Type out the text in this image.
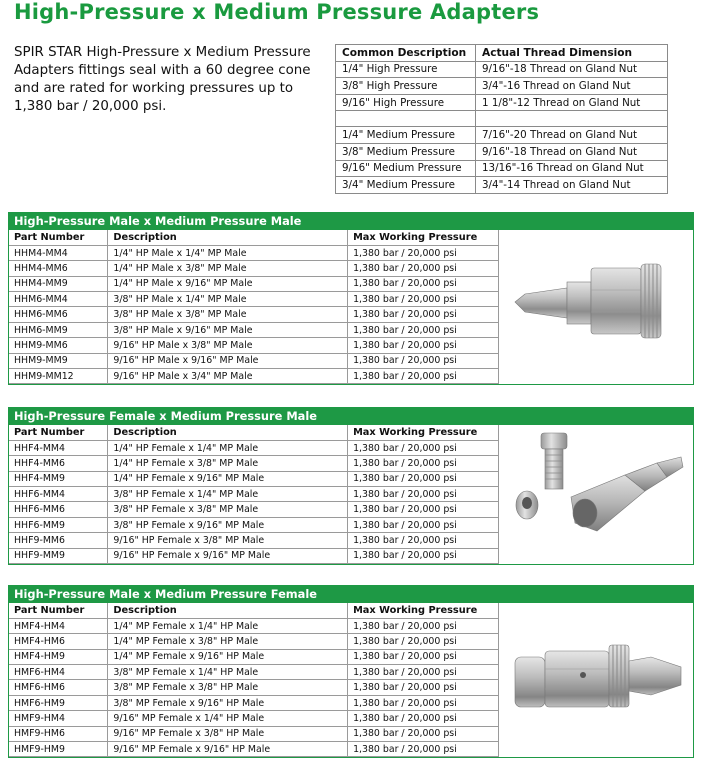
High-Pressure x Medium Pressure Adapters
SPIR STAR High-Pressure x Medium Pressure Adapters fittings seal with a 60 degree cone and are rated for working pressures up to 1,380 bar / 20,000 psi.
Common Description	Actual Thread Dimension
1/4" High Pressure	9/16"-18 Thread on Gland Nut
3/8" High Pressure	3/4"-16 Thread on Gland Nut
9/16" High Pressure	1 1/8"-12 Thread on Gland Nut

1/4" Medium Pressure	7/16"-20 Thread on Gland Nut
3/8" Medium Pressure	9/16"-18 Thread on Gland Nut
9/16" Medium Pressure	13/16"-16 Thread on Gland Nut
3/4" Medium Pressure	3/4"-14 Thread on Gland Nut
High-Pressure Male x Medium Pressure Male
Part Number	Description	Max Working Pressure
HHM4-MM4	1/4" HP Male x 1/4" MP Male	1,380 bar / 20,000 psi
HHM4-MM6	1/4" HP Male x 3/8" MP Male	1,380 bar / 20,000 psi
HHM4-MM9	1/4" HP Male x 9/16" MP Male	1,380 bar / 20,000 psi
HHM6-MM4	3/8" HP Male x 1/4" MP Male	1,380 bar / 20,000 psi
HHM6-MM6	3/8" HP Male x 3/8" MP Male	1,380 bar / 20,000 psi
HHM6-MM9	3/8" HP Male x 9/16" MP Male	1,380 bar / 20,000 psi
HHM9-MM6	9/16" HP Male x 3/8" MP Male	1,380 bar / 20,000 psi
HHM9-MM9	9/16" HP Male x 9/16" MP Male	1,380 bar / 20,000 psi
HHM9-MM12	9/16" HP Male x 3/4" MP Male	1,380 bar / 20,000 psi
High-Pressure Female x Medium Pressure Male
Part Number	Description	Max Working Pressure
HHF4-MM4	1/4" HP Female x 1/4" MP Male	1,380 bar / 20,000 psi
HHF4-MM6	1/4" HP Female x 3/8" MP Male	1,380 bar / 20,000 psi
HHF4-MM9	1/4" HP Female x 9/16" MP Male	1,380 bar / 20,000 psi
HHF6-MM4	3/8" HP Female x 1/4" MP Male	1,380 bar / 20,000 psi
HHF6-MM6	3/8" HP Female x 3/8" MP Male	1,380 bar / 20,000 psi
HHF6-MM9	3/8" HP Female x 9/16" MP Male	1,380 bar / 20,000 psi
HHF9-MM6	9/16" HP Female x 3/8" MP Male	1,380 bar / 20,000 psi
HHF9-MM9	9/16" HP Female x 9/16" MP Male	1,380 bar / 20,000 psi
High-Pressure Male x Medium Pressure Female
Part Number	Description	Max Working Pressure
HMF4-HM4	1/4" MP Female x 1/4" HP Male	1,380 bar / 20,000 psi
HMF4-HM6	1/4" MP Female x 3/8" HP Male	1,380 bar / 20,000 psi
HMF4-HM9	1/4" MP Female x 9/16" HP Male	1,380 bar / 20,000 psi
HMF6-HM4	3/8" MP Female x 1/4" HP Male	1,380 bar / 20,000 psi
HMF6-HM6	3/8" MP Female x 3/8" HP Male	1,380 bar / 20,000 psi
HMF6-HM9	3/8" MP Female x 9/16" HP Male	1,380 bar / 20,000 psi
HMF9-HM4	9/16" MP Female x 1/4" HP Male	1,380 bar / 20,000 psi
HMF9-HM6	9/16" MP Female x 3/8" HP Male	1,380 bar / 20,000 psi
HMF9-HM9	9/16" MP Female x 9/16" HP Male	1,380 bar / 20,000 psi
